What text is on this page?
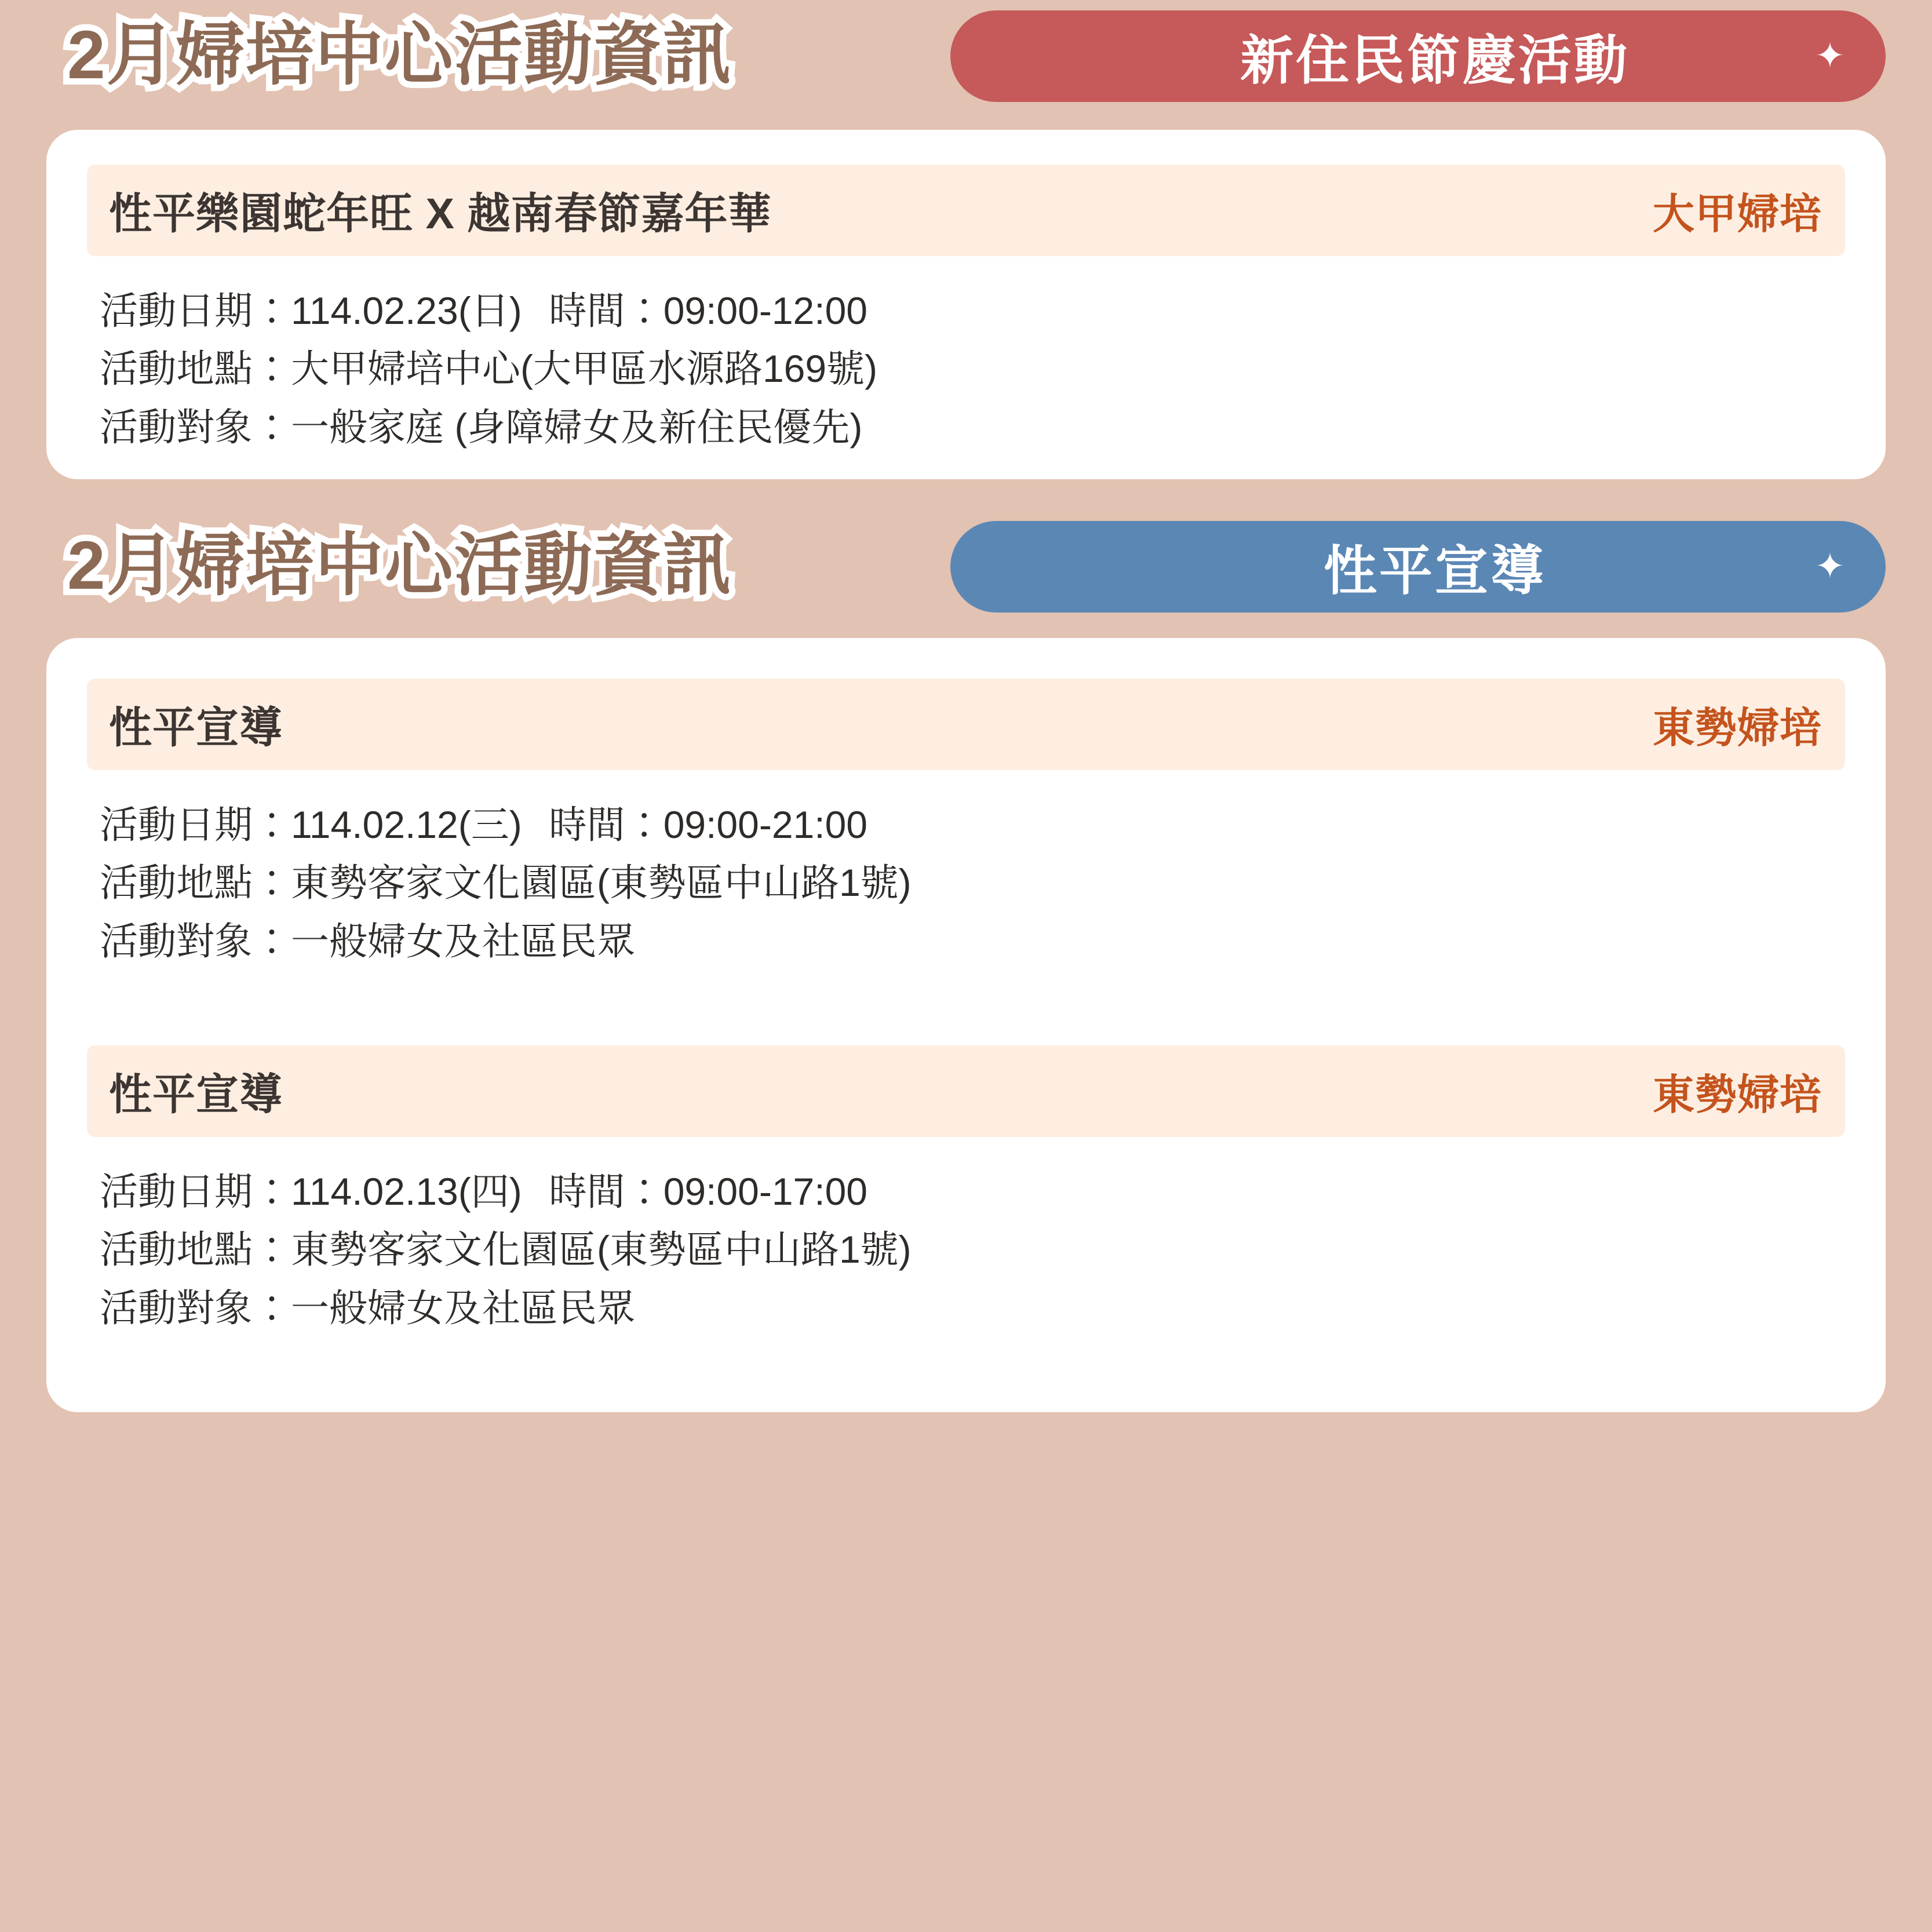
新住民節慶活動	✦
2月婦培中心活動資訊
性平樂園蛇年旺 X 越南春節嘉年華	大甲婦培
活動日期：114.02.23(日) 時間：09:00-12:00
活動地點：大甲婦培中心(大甲區水源路169號)
活動對象：一般家庭 (身障婦女及新住民優先)
性平宣導	✦
2月婦培中心活動資訊
性平宣導	東勢婦培
活動日期：114.02.12(三) 時間：09:00-21:00
活動地點：東勢客家文化園區(東勢區中山路1號)
活動對象：一般婦女及社區民眾
性平宣導	東勢婦培
活動日期：114.02.13(四) 時間：09:00-17:00
活動地點：東勢客家文化園區(東勢區中山路1號)
活動對象：一般婦女及社區民眾
